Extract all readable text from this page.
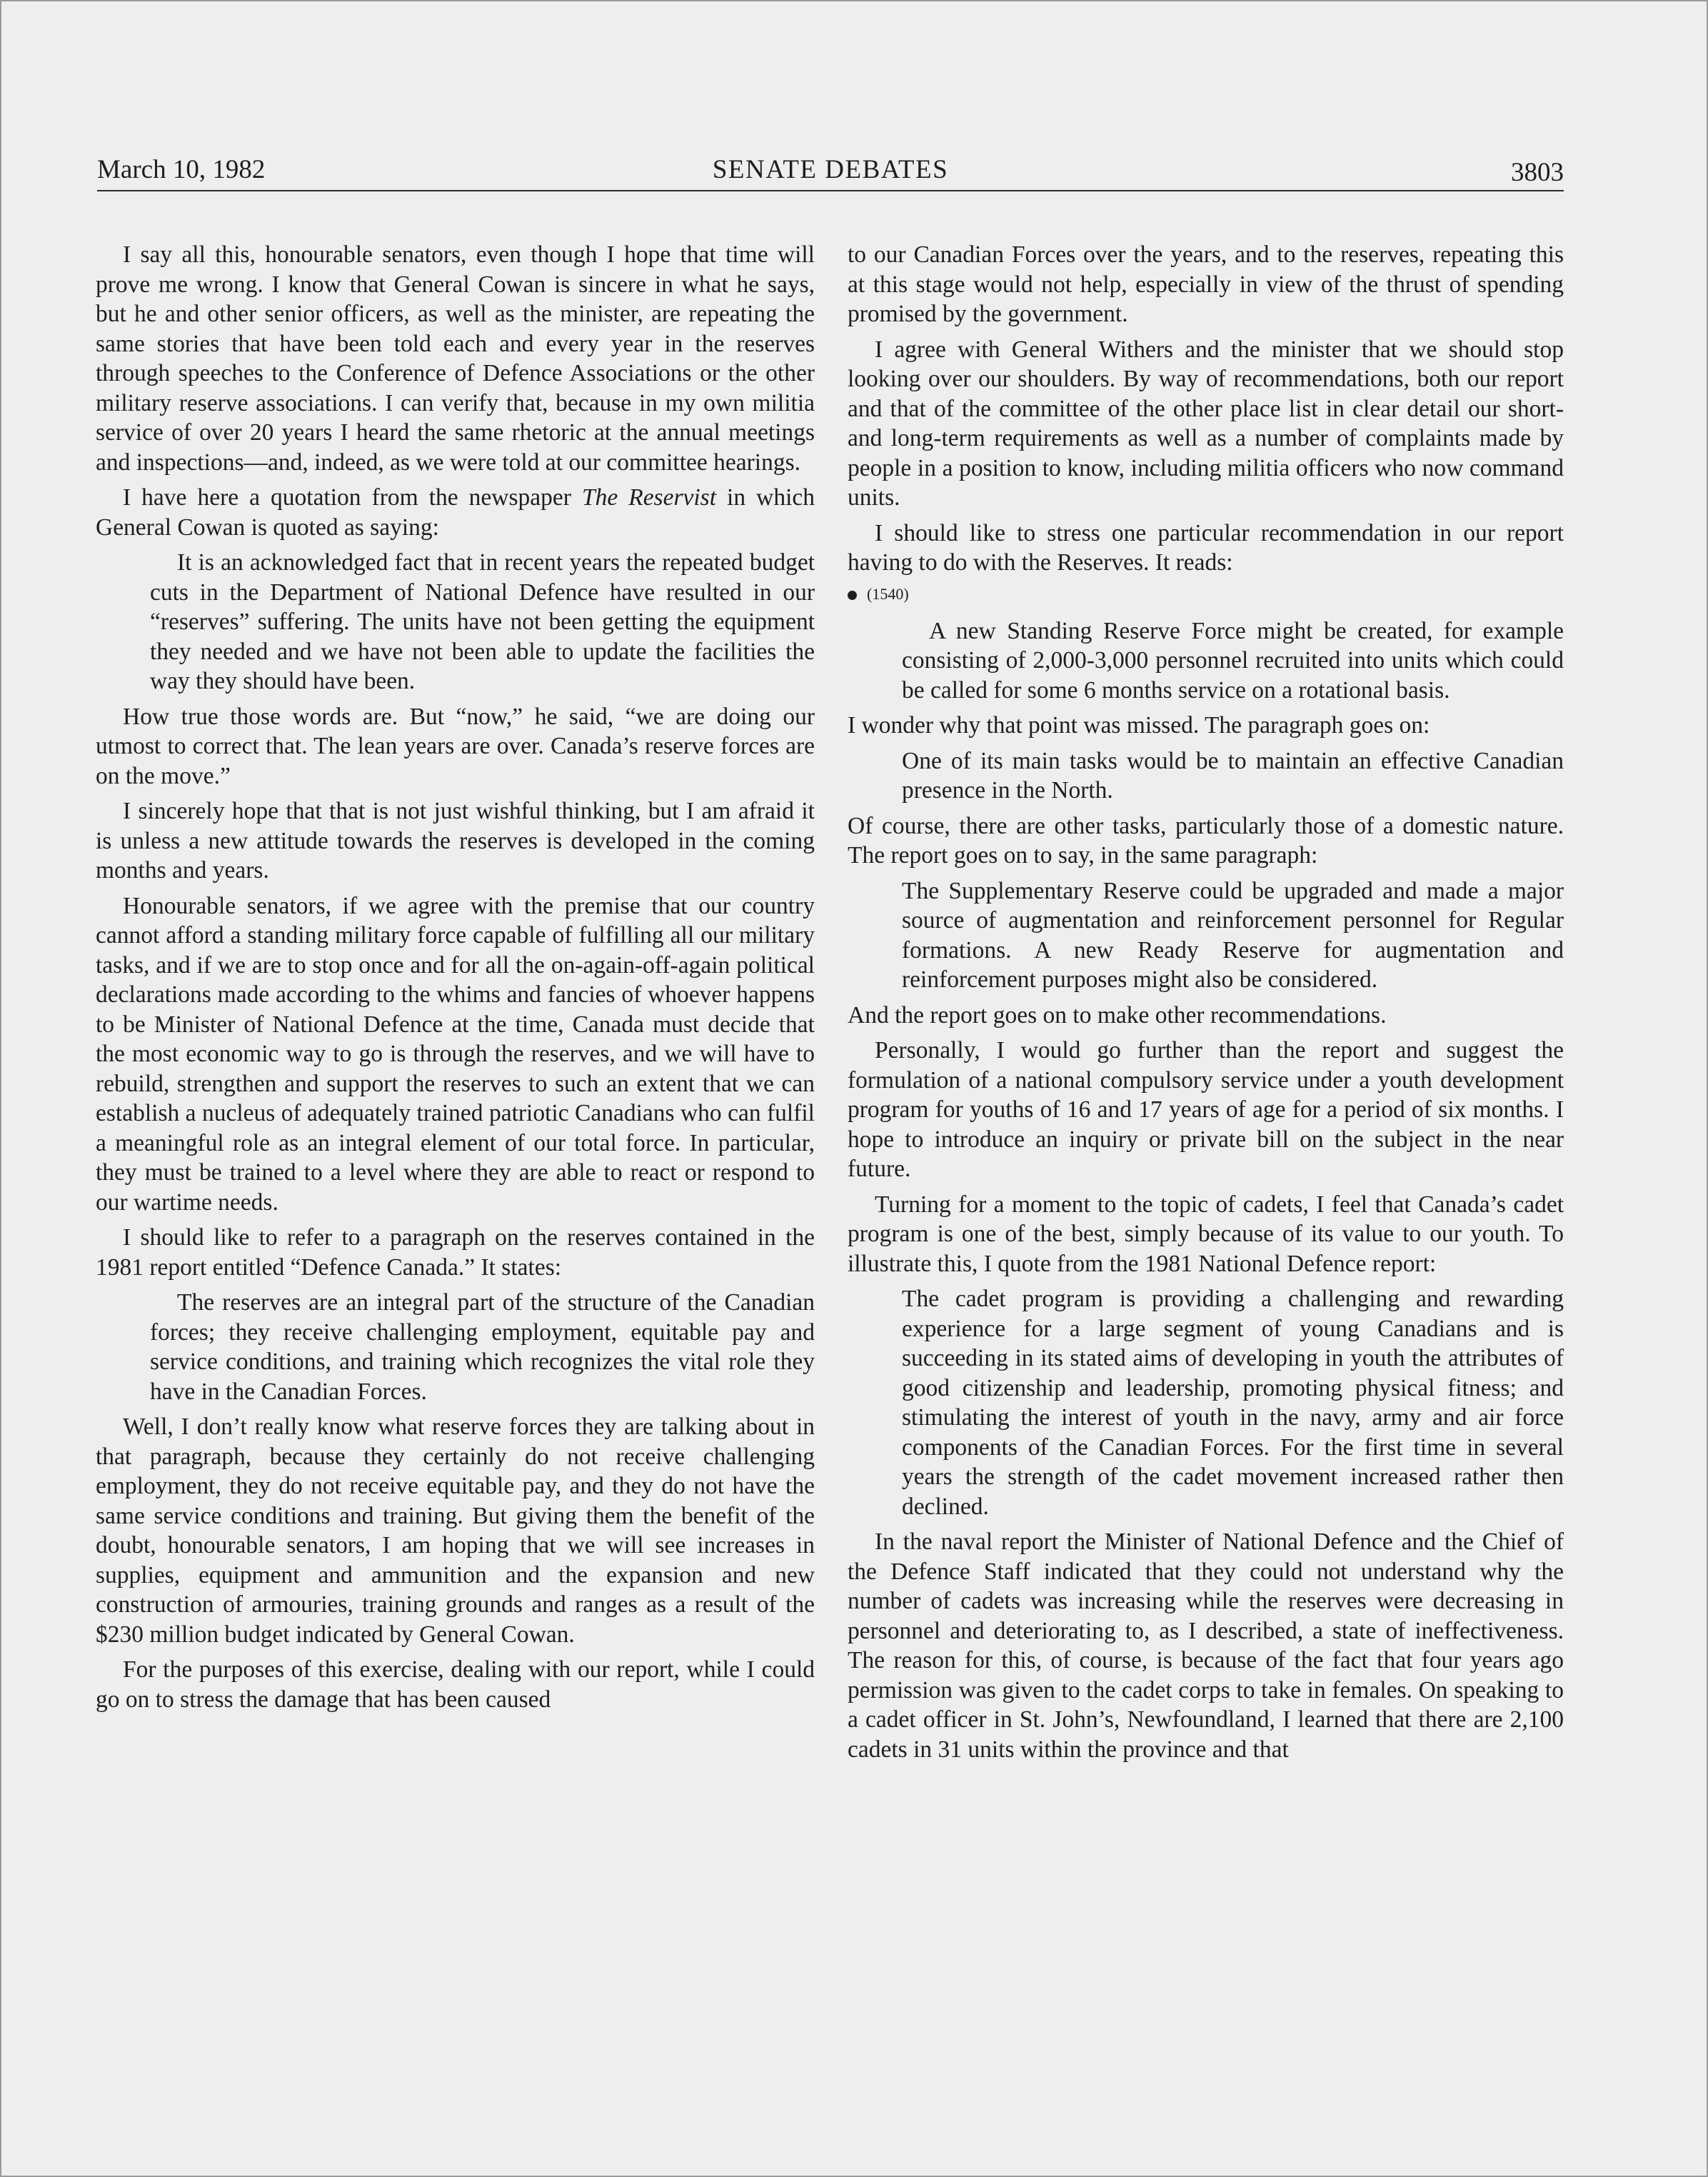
March 10, 1982	SENATE DEBATES	3803

I say all this, honourable senators, even though I hope that time will prove me wrong. I know that General Cowan is sincere in what he says, but he and other senior officers, as well as the minister, are repeating the same stories that have been told each and every year in the reserves through speeches to the Conference of Defence Associations or the other military reserve associations. I can verify that, because in my own militia service of over 20 years I heard the same rhetoric at the annual meetings and inspections—and, indeed, as we were told at our committee hearings.

I have here a quotation from the newspaper The Reservist in which General Cowan is quoted as saying:

It is an acknowledged fact that in recent years the repeated budget cuts in the Department of National Defence have resulted in our “reserves” suffering. The units have not been getting the equipment they needed and we have not been able to update the facilities the way they should have been.

How true those words are. But “now,” he said, “we are doing our utmost to correct that. The lean years are over. Canada’s reserve forces are on the move.”

I sincerely hope that that is not just wishful thinking, but I am afraid it is unless a new attitude towards the reserves is developed in the coming months and years.

Honourable senators, if we agree with the premise that our country cannot afford a standing military force capable of fulfilling all our military tasks, and if we are to stop once and for all the on-again-off-again political declarations made according to the whims and fancies of whoever happens to be Minister of National Defence at the time, Canada must decide that the most economic way to go is through the reserves, and we will have to rebuild, strengthen and support the reserves to such an extent that we can establish a nucleus of adequately trained patriotic Canadians who can fulfil a meaningful role as an integral element of our total force. In particular, they must be trained to a level where they are able to react or respond to our wartime needs.

I should like to refer to a paragraph on the reserves contained in the 1981 report entitled “Defence Canada.” It states:

The reserves are an integral part of the structure of the Canadian forces; they receive challenging employment, equitable pay and service conditions, and training which recognizes the vital role they have in the Canadian Forces.

Well, I don’t really know what reserve forces they are talking about in that paragraph, because they certainly do not receive challenging employment, they do not receive equitable pay, and they do not have the same service conditions and training. But giving them the benefit of the doubt, honourable senators, I am hoping that we will see increases in supplies, equipment and ammunition and the expansion and new construction of armouries, training grounds and ranges as a result of the $230 million budget indicated by General Cowan.

For the purposes of this exercise, dealing with our report, while I could go on to stress the damage that has been caused

to our Canadian Forces over the years, and to the reserves, repeating this at this stage would not help, especially in view of the thrust of spending promised by the government.

I agree with General Withers and the minister that we should stop looking over our shoulders. By way of recommendations, both our report and that of the committee of the other place list in clear detail our short- and long-term requirements as well as a number of complaints made by people in a position to know, including militia officers who now command units.

I should like to stress one particular recommendation in our report having to do with the Reserves. It reads:

(1540)

A new Standing Reserve Force might be created, for example consisting of 2,000-3,000 personnel recruited into units which could be called for some 6 months service on a rotational basis.

I wonder why that point was missed. The paragraph goes on:

One of its main tasks would be to maintain an effective Canadian presence in the North.

Of course, there are other tasks, particularly those of a domestic nature. The report goes on to say, in the same paragraph:

The Supplementary Reserve could be upgraded and made a major source of augmentation and reinforcement personnel for Regular formations. A new Ready Reserve for augmentation and reinforcement purposes might also be considered.

And the report goes on to make other recommendations.

Personally, I would go further than the report and suggest the formulation of a national compulsory service under a youth development program for youths of 16 and 17 years of age for a period of six months. I hope to introduce an inquiry or private bill on the subject in the near future.

Turning for a moment to the topic of cadets, I feel that Canada’s cadet program is one of the best, simply because of its value to our youth. To illustrate this, I quote from the 1981 National Defence report:

The cadet program is providing a challenging and rewarding experience for a large segment of young Canadians and is succeeding in its stated aims of developing in youth the attributes of good citizenship and leadership, promoting physical fitness; and stimulating the interest of youth in the navy, army and air force components of the Canadian Forces. For the first time in several years the strength of the cadet movement increased rather then declined.

In the naval report the Minister of National Defence and the Chief of the Defence Staff indicated that they could not understand why the number of cadets was increasing while the reserves were decreasing in personnel and deteriorating to, as I described, a state of ineffectiveness. The reason for this, of course, is because of the fact that four years ago permission was given to the cadet corps to take in females. On speaking to a cadet officer in St. John’s, Newfoundland, I learned that there are 2,100 cadets in 31 units within the province and that
